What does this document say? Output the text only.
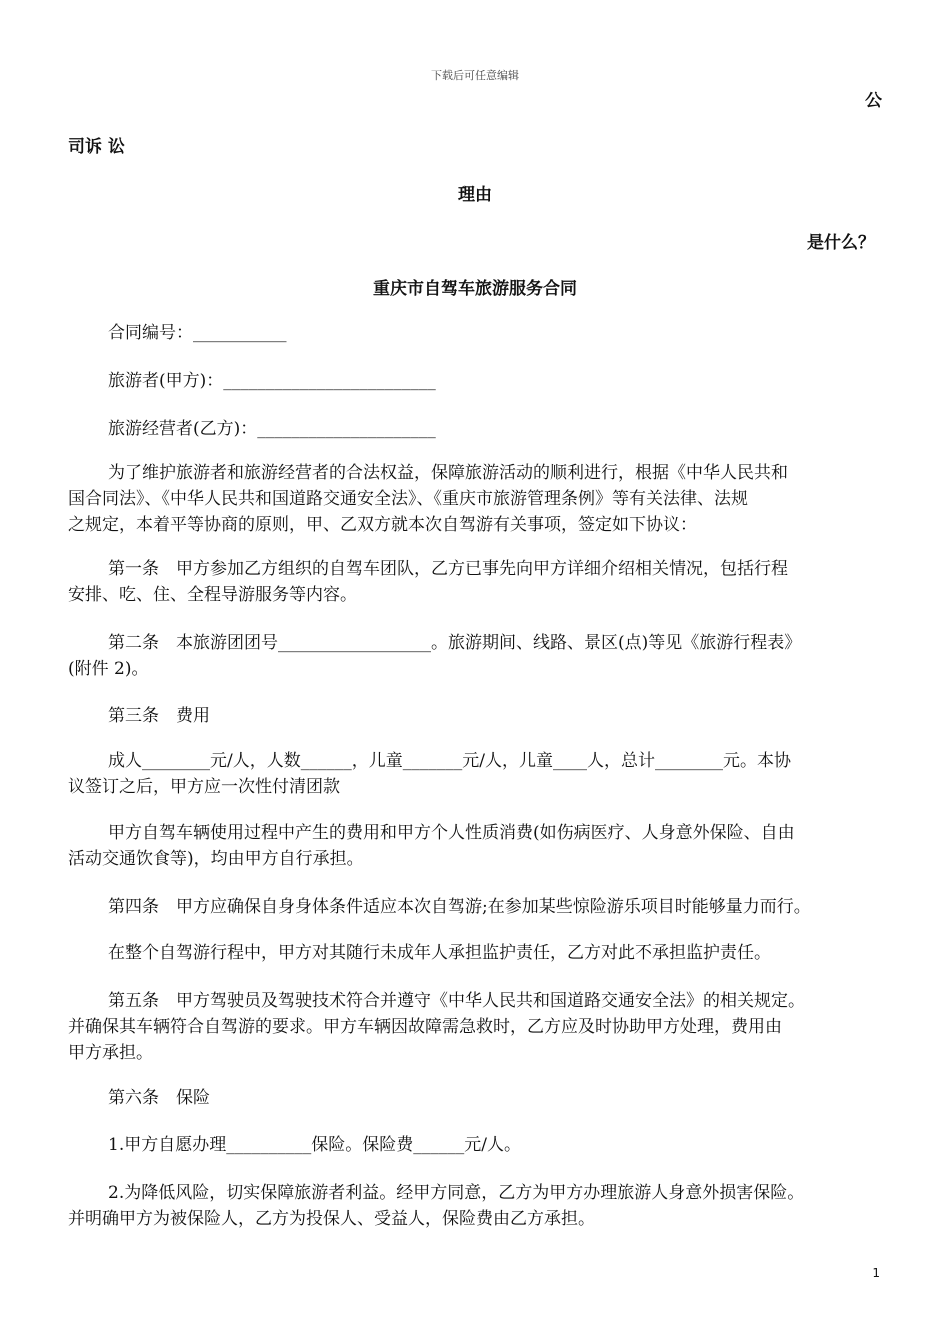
下载后可任意编辑
公
司诉 讼
理由
是什么？
重庆市自驾车旅游服务合同
合同编号：___________
旅游者(甲方)：_________________________
旅游经营者(乙方)：_____________________
为了维护旅游者和旅游经营者的合法权益，保障旅游活动的顺利进行，根据《中华人民共和
国合同法》、《中华人民共和国道路交通安全法》、《重庆市旅游管理条例》等有关法律、法规
之规定，本着平等协商的原则，甲、乙双方就本次自驾游有关事项，签定如下协议：
第一条　甲方参加乙方组织的自驾车团队，乙方已事先向甲方详细介绍相关情况，包括行程
安排、吃、住、全程导游服务等内容。
第二条　本旅游团团号__________________。旅游期间、线路、景区(点)等见《旅游行程表》
(附件 2)。
第三条　费用
成人________元/人，人数______，儿童_______元/人，儿童____人，总计________元。本协
议签订之后，甲方应一次性付清团款
甲方自驾车辆使用过程中产生的费用和甲方个人性质消费(如伤病医疗、人身意外保险、自由
活动交通饮食等)，均由甲方自行承担。
第四条　甲方应确保自身身体条件适应本次自驾游;在参加某些惊险游乐项目时能够量力而行。
在整个自驾游行程中，甲方对其随行未成年人承担监护责任，乙方对此不承担监护责任。
第五条　甲方驾驶员及驾驶技术符合并遵守《中华人民共和国道路交通安全法》的相关规定。
并确保其车辆符合自驾游的要求。甲方车辆因故障需急救时，乙方应及时协助甲方处理，费用由
甲方承担。
第六条　保险
1.甲方自愿办理__________保险。保险费______元/人。
2.为降低风险，切实保障旅游者利益。经甲方同意，乙方为甲方办理旅游人身意外损害保险。
并明确甲方为被保险人，乙方为投保人、受益人，保险费由乙方承担。
1
